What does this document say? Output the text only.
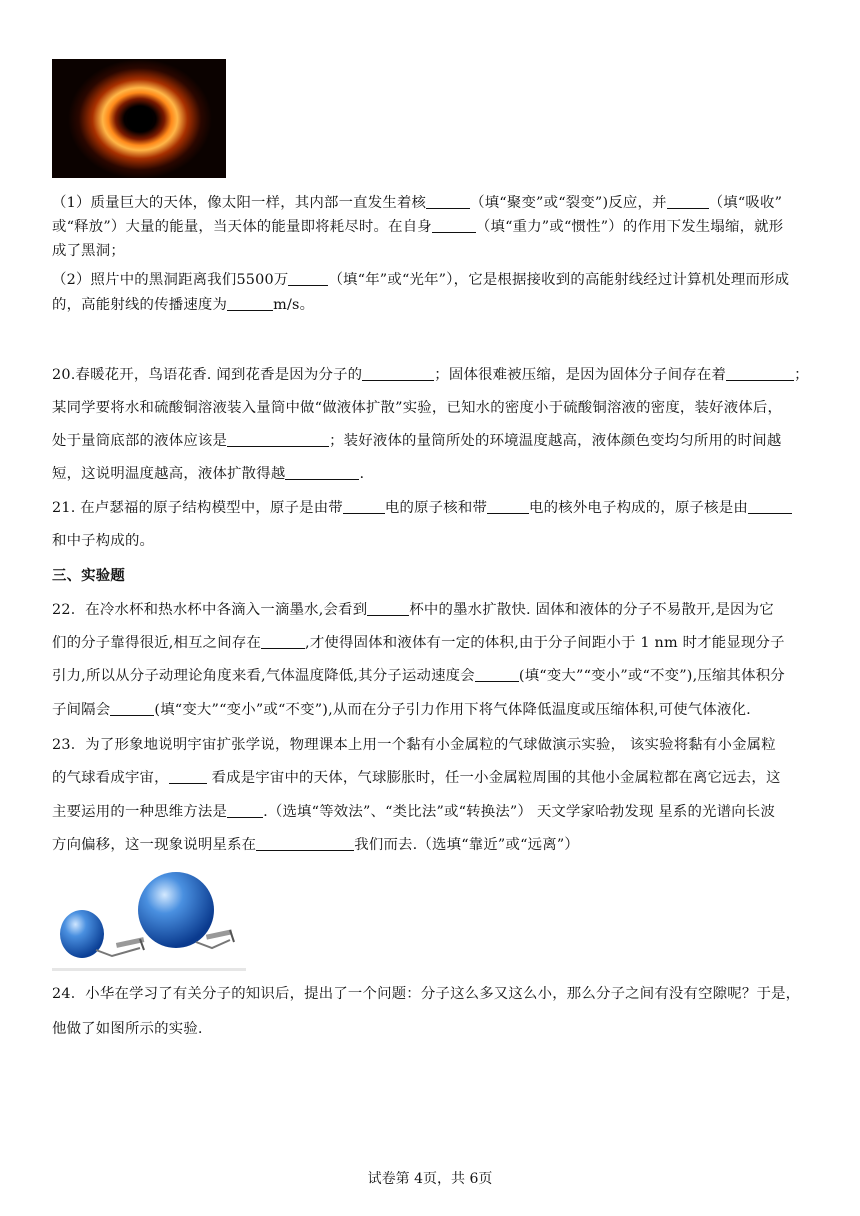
（1）质量巨大的天体，像太阳一样，其内部一直发生着核	（填“聚变”或“裂变”)反应，并	（填“吸收”
或“释放”）大量的能量，当天体的能量即将耗尽时。在自身	（填“重力”或“惯性”）的作用下发生塌缩，就形
成了黑洞；
（2）照片中的黑洞距离我们5500万	（填“年”或“光年”），它是根据接收到的高能射线经过计算机处理而形成
的，高能射线的传播速度为	m/s。
20.春暖花开，鸟语花香. 闻到花香是因为分子的	；固体很难被压缩，是因为固体分子间存在着	；
某同学要将水和硫酸铜溶液装入量筒中做“做液体扩散”实验，已知水的密度小于硫酸铜溶液的密度，装好液体后，
处于量筒底部的液体应该是	；装好液体的量筒所处的环境温度越高，液体颜色变均匀所用的时间越
短，这说明温度越高，液体扩散得越	.
21. 在卢瑟福的原子结构模型中，原子是由带	电的原子核和带	电的核外电子构成的，原子核是由
和中子构成的。
三、实验题
22．在冷水杯和热水杯中各滴入一滴墨水,会看到	杯中的墨水扩散快. 固体和液体的分子不易散开,是因为它
们的分子靠得很近,相互之间存在	,才使得固体和液体有一定的体积,由于分子间距小于 1 nm 时才能显现分子
引力,所以从分子动理论角度来看,气体温度降低,其分子运动速度会	(填“变大”“变小”或“不变”),压缩其体积分
子间隔会	(填“变大”“变小”或“不变”),从而在分子引力作用下将气体降低温度或压缩体积,可使气体液化.
23．为了形象地说明宇宙扩张学说，物理课本上用一个黏有小金属粒的气球做演示实验， 该实验将黏有小金属粒
的气球看成宇宙，	看成是宇宙中的天体，气球膨胀时，任一小金属粒周围的其他小金属粒都在离它远去，这
主要运用的一种思维方法是	.（选填“等效法”、“类比法”或“转换法”） 天文学家哈勃发现 星系的光谱向长波
方向偏移，这一现象说明星系在	我们而去.（选填“靠近”或“远离”）
24．小华在学习了有关分子的知识后，提出了一个问题：分子这么多又这么小，那么分子之间有没有空隙呢？于是，
他做了如图所示的实验.
试卷第 4页，共 6页
